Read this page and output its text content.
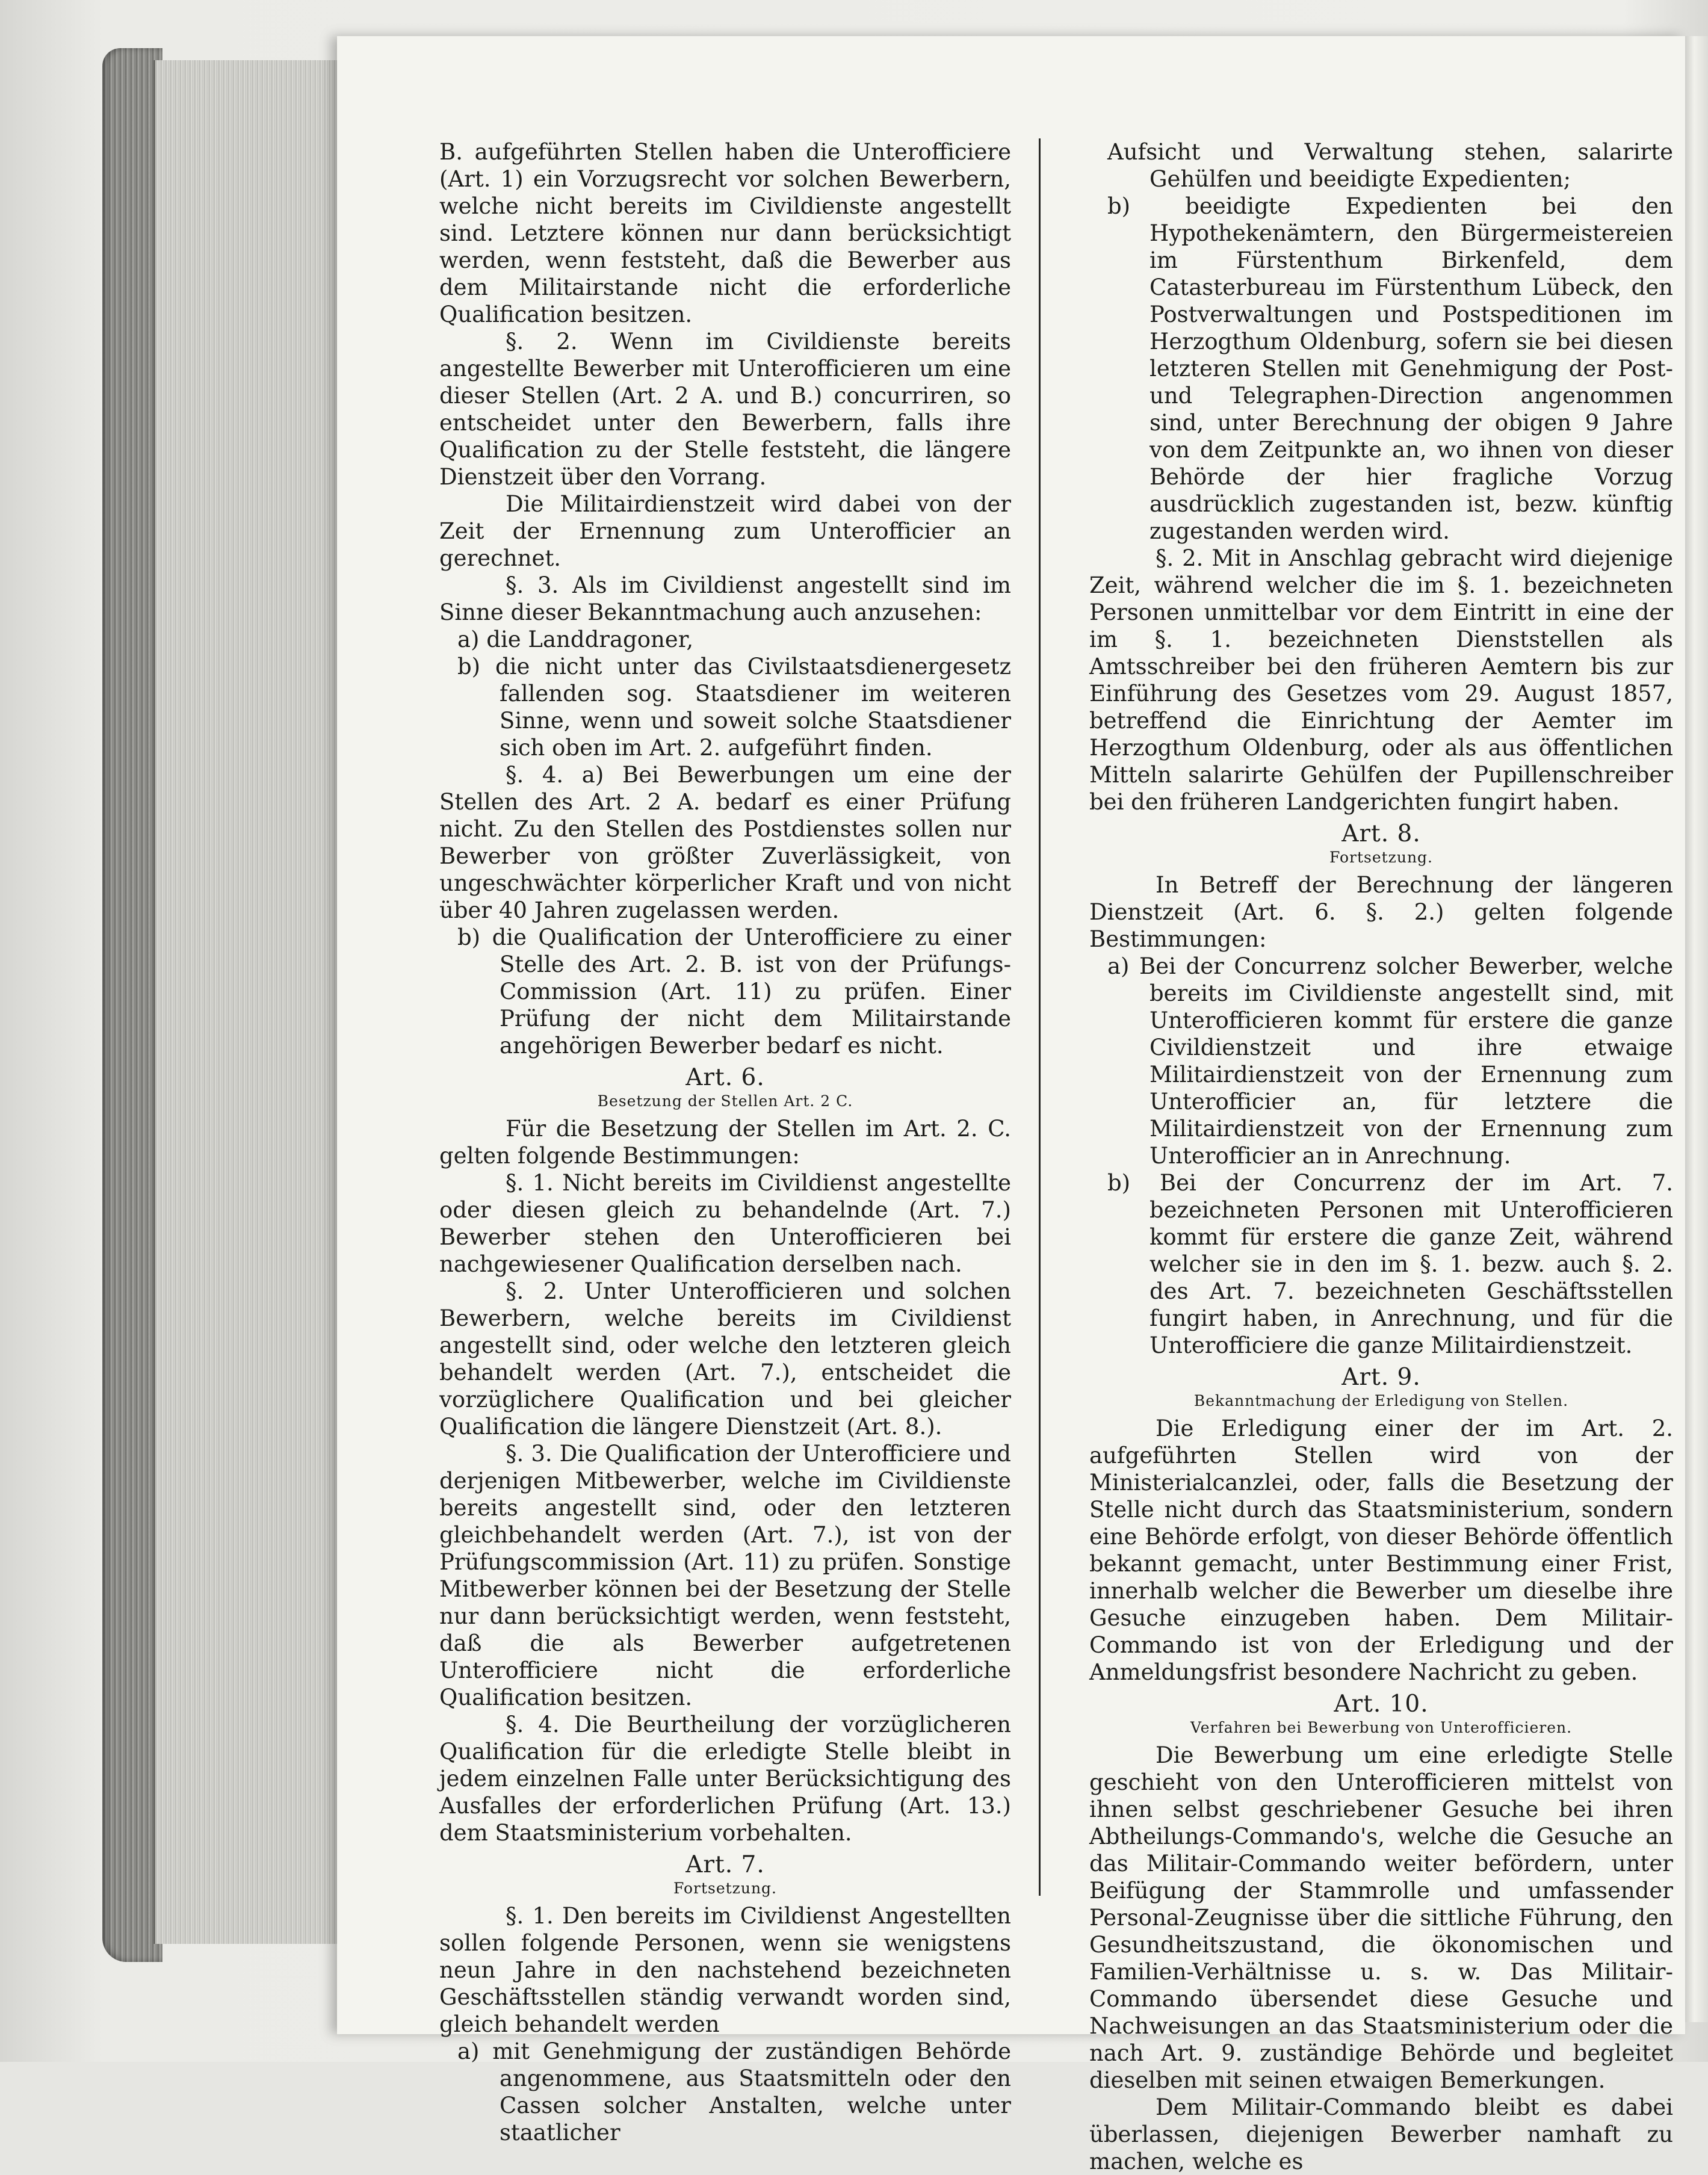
B. aufgeführten Stellen haben die Unterofficiere (Art. 1) ein Vorzugsrecht vor solchen Bewerbern, welche nicht bereits im Civildienste angestellt sind. Letztere können nur dann berücksichtigt werden, wenn feststeht, daß die Bewerber aus dem Militairstande nicht die erforderliche Qualification besitzen.

§. 2. Wenn im Civildienste bereits angestellte Bewerber mit Unterofficieren um eine dieser Stellen (Art. 2 A. und B.) concurriren, so entscheidet unter den Bewerbern, falls ihre Qualification zu der Stelle feststeht, die längere Dienstzeit über den Vorrang.

Die Militairdienstzeit wird dabei von der Zeit der Ernennung zum Unterofficier an gerechnet.

§. 3. Als im Civildienst angestellt sind im Sinne dieser Bekanntmachung auch anzusehen:

a) die Landdragoner,

b) die nicht unter das Civilstaatsdienergesetz fallenden sog. Staatsdiener im weiteren Sinne, wenn und soweit solche Staatsdiener sich oben im Art. 2. aufgeführt finden.

§. 4. a) Bei Bewerbungen um eine der Stellen des Art. 2 A. bedarf es einer Prüfung nicht. Zu den Stellen des Postdienstes sollen nur Bewerber von größter Zuverlässigkeit, von ungeschwächter körperlicher Kraft und von nicht über 40 Jahren zugelassen werden.

b) die Qualification der Unterofficiere zu einer Stelle des Art. 2. B. ist von der Prüfungs-Commission (Art. 11) zu prüfen. Einer Prüfung der nicht dem Militairstande angehörigen Bewerber bedarf es nicht.

Art. 6.

Besetzung der Stellen Art. 2 C.

Für die Besetzung der Stellen im Art. 2. C. gelten folgende Bestimmungen:

§. 1. Nicht bereits im Civildienst angestellte oder diesen gleich zu behandelnde (Art. 7.) Bewerber stehen den Unterofficieren bei nachgewiesener Qualification derselben nach.

§. 2. Unter Unterofficieren und solchen Bewerbern, welche bereits im Civildienst angestellt sind, oder welche den letzteren gleich behandelt werden (Art. 7.), entscheidet die vorzüglichere Qualification und bei gleicher Qualification die längere Dienstzeit (Art. 8.).

§. 3. Die Qualification der Unterofficiere und derjenigen Mitbewerber, welche im Civildienste bereits angestellt sind, oder den letzteren gleichbehandelt werden (Art. 7.), ist von der Prüfungscommission (Art. 11) zu prüfen. Sonstige Mitbewerber können bei der Besetzung der Stelle nur dann berücksichtigt werden, wenn feststeht, daß die als Bewerber aufgetretenen Unterofficiere nicht die erforderliche Qualification besitzen.

§. 4. Die Beurtheilung der vorzüglicheren Qualification für die erledigte Stelle bleibt in jedem einzelnen Falle unter Berücksichtigung des Ausfalles der erforderlichen Prüfung (Art. 13.) dem Staatsministerium vorbehalten.

Art. 7.

Fortsetzung.

§. 1. Den bereits im Civildienst Angestellten sollen folgende Personen, wenn sie wenigstens neun Jahre in den nachstehend bezeichneten Geschäftsstellen ständig verwandt worden sind, gleich behandelt werden

a) mit Genehmigung der zuständigen Behörde angenommene, aus Staatsmitteln oder den Cassen solcher Anstalten, welche unter staatlicher

Aufsicht und Verwaltung stehen, salarirte Gehülfen und beeidigte Expedienten;

b) beeidigte Expedienten bei den Hypothekenämtern, den Bürgermeistereien im Fürstenthum Birkenfeld, dem Catasterbureau im Fürstenthum Lübeck, den Postverwaltungen und Postspeditionen im Herzogthum Oldenburg, sofern sie bei diesen letzteren Stellen mit Genehmigung der Post- und Telegraphen-Direction angenommen sind, unter Berechnung der obigen 9 Jahre von dem Zeitpunkte an, wo ihnen von dieser Behörde der hier fragliche Vorzug ausdrücklich zugestanden ist, bezw. künftig zugestanden werden wird.

§. 2. Mit in Anschlag gebracht wird diejenige Zeit, während welcher die im §. 1. bezeichneten Personen unmittelbar vor dem Eintritt in eine der im §. 1. bezeichneten Dienststellen als Amtsschreiber bei den früheren Aemtern bis zur Einführung des Gesetzes vom 29. August 1857, betreffend die Einrichtung der Aemter im Herzogthum Oldenburg, oder als aus öffentlichen Mitteln salarirte Gehülfen der Pupillenschreiber bei den früheren Landgerichten fungirt haben.

Art. 8.

Fortsetzung.

In Betreff der Berechnung der längeren Dienstzeit (Art. 6. §. 2.) gelten folgende Bestimmungen:

a) Bei der Concurrenz solcher Bewerber, welche bereits im Civildienste angestellt sind, mit Unterofficieren kommt für erstere die ganze Civildienstzeit und ihre etwaige Militairdienstzeit von der Ernennung zum Unterofficier an, für letztere die Militairdienstzeit von der Ernennung zum Unterofficier an in Anrechnung.

b) Bei der Concurrenz der im Art. 7. bezeichneten Personen mit Unterofficieren kommt für erstere die ganze Zeit, während welcher sie in den im §. 1. bezw. auch §. 2. des Art. 7. bezeichneten Geschäftsstellen fungirt haben, in Anrechnung, und für die Unterofficiere die ganze Militairdienstzeit.

Art. 9.

Bekanntmachung der Erledigung von Stellen.

Die Erledigung einer der im Art. 2. aufgeführten Stellen wird von der Ministerialcanzlei, oder, falls die Besetzung der Stelle nicht durch das Staatsministerium, sondern eine Behörde erfolgt, von dieser Behörde öffentlich bekannt gemacht, unter Bestimmung einer Frist, innerhalb welcher die Bewerber um dieselbe ihre Gesuche einzugeben haben. Dem Militair-Commando ist von der Erledigung und der Anmeldungsfrist besondere Nachricht zu geben.

Art. 10.

Verfahren bei Bewerbung von Unterofficieren.

Die Bewerbung um eine erledigte Stelle geschieht von den Unterofficieren mittelst von ihnen selbst geschriebener Gesuche bei ihren Abtheilungs-Commando's, welche die Gesuche an das Militair-Commando weiter befördern, unter Beifügung der Stammrolle und umfassender Personal-Zeugnisse über die sittliche Führung, den Gesundheitszustand, die ökonomischen und Familien-Verhältnisse u. s. w. Das Militair-Commando übersendet diese Gesuche und Nachweisungen an das Staatsministerium oder die nach Art. 9. zuständige Behörde und begleitet dieselben mit seinen etwaigen Bemerkungen.

Dem Militair-Commando bleibt es dabei überlassen, diejenigen Bewerber namhaft zu machen, welche es
